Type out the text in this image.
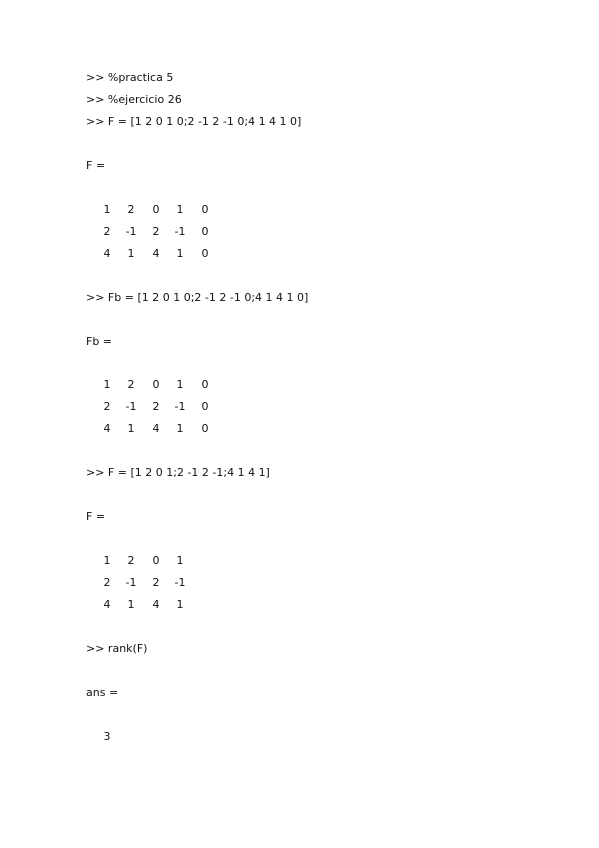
>> %practica 5
>> %ejercicio 26
>> F = [1 2 0 1 0;2 -1 2 -1 0;4 1 4 1 0]
F =
1	2	0	1	0
2	-1	2	-1	0
4	1	4	1	0
>> Fb = [1 2 0 1 0;2 -1 2 -1 0;4 1 4 1 0]
Fb =
1	2	0	1	0
2	-1	2	-1	0
4	1	4	1	0
>> F = [1 2 0 1;2 -1 2 -1;4 1 4 1]
F =
1	2	0	1
2	-1	2	-1
4	1	4	1
>> rank(F)
ans =
3
